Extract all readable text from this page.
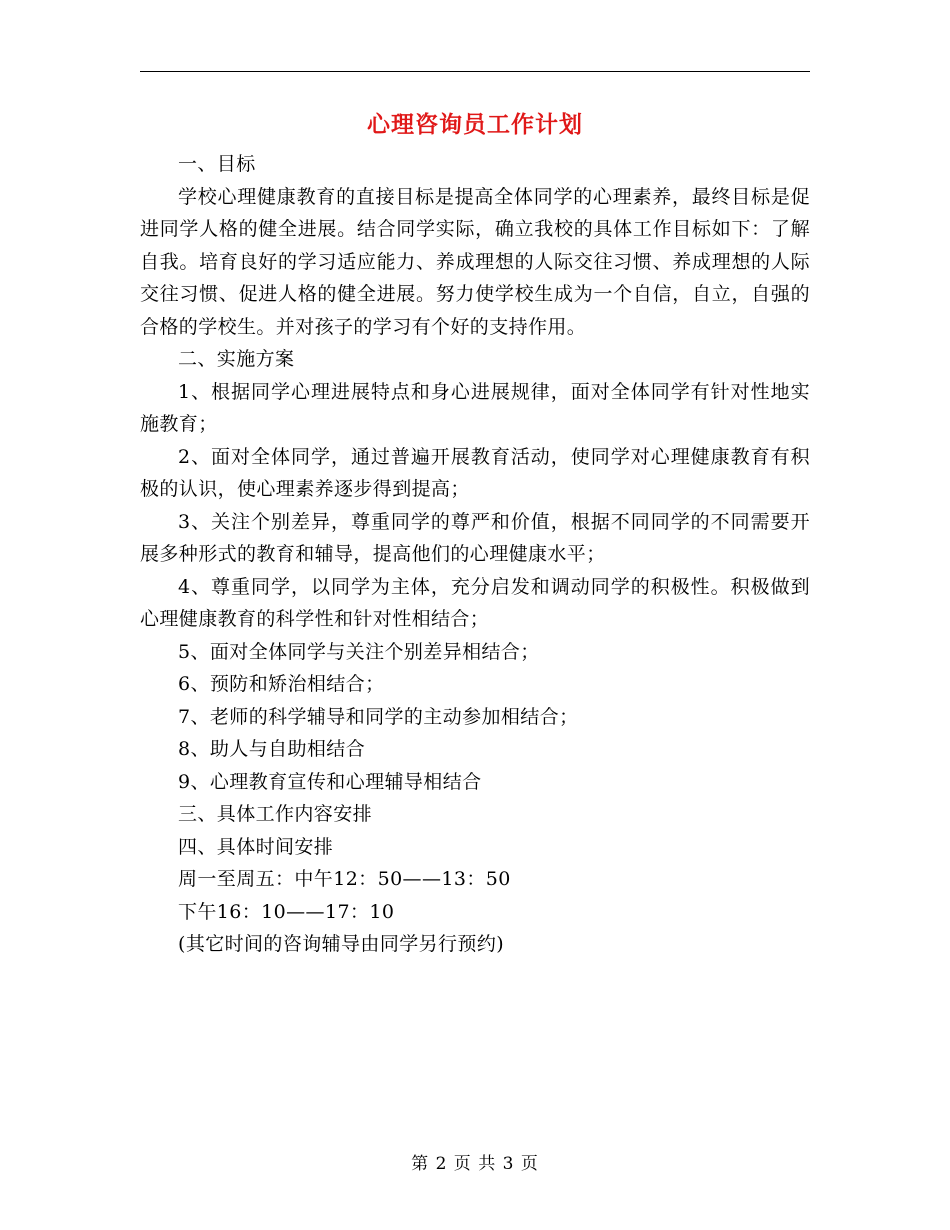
心理咨询员工作计划

一、目标

学校心理健康教育的直接目标是提高全体同学的心理素养，最终目标是促进同学人格的健全进展。结合同学实际，确立我校的具体工作目标如下：了解自我。培育良好的学习适应能力、养成理想的人际交往习惯、养成理想的人际交往习惯、促进人格的健全进展。努力使学校生成为一个自信，自立，自强的合格的学校生。并对孩子的学习有个好的支持作用。

二、实施方案

1、根据同学心理进展特点和身心进展规律，面对全体同学有针对性地实施教育；

2、面对全体同学，通过普遍开展教育活动，使同学对心理健康教育有积极的认识，使心理素养逐步得到提高；

3、关注个别差异，尊重同学的尊严和价值，根据不同同学的不同需要开展多种形式的教育和辅导，提高他们的心理健康水平；

4、尊重同学，以同学为主体，充分启发和调动同学的积极性。积极做到心理健康教育的科学性和针对性相结合；

5、面对全体同学与关注个别差异相结合；

6、预防和矫治相结合；

7、老师的科学辅导和同学的主动参加相结合；

8、助人与自助相结合

9、心理教育宣传和心理辅导相结合

三、具体工作内容安排

四、具体时间安排

周一至周五：中午12：50——13：50

下午16：10——17：10

(其它时间的咨询辅导由同学另行预约)

第 2 页 共 3 页
